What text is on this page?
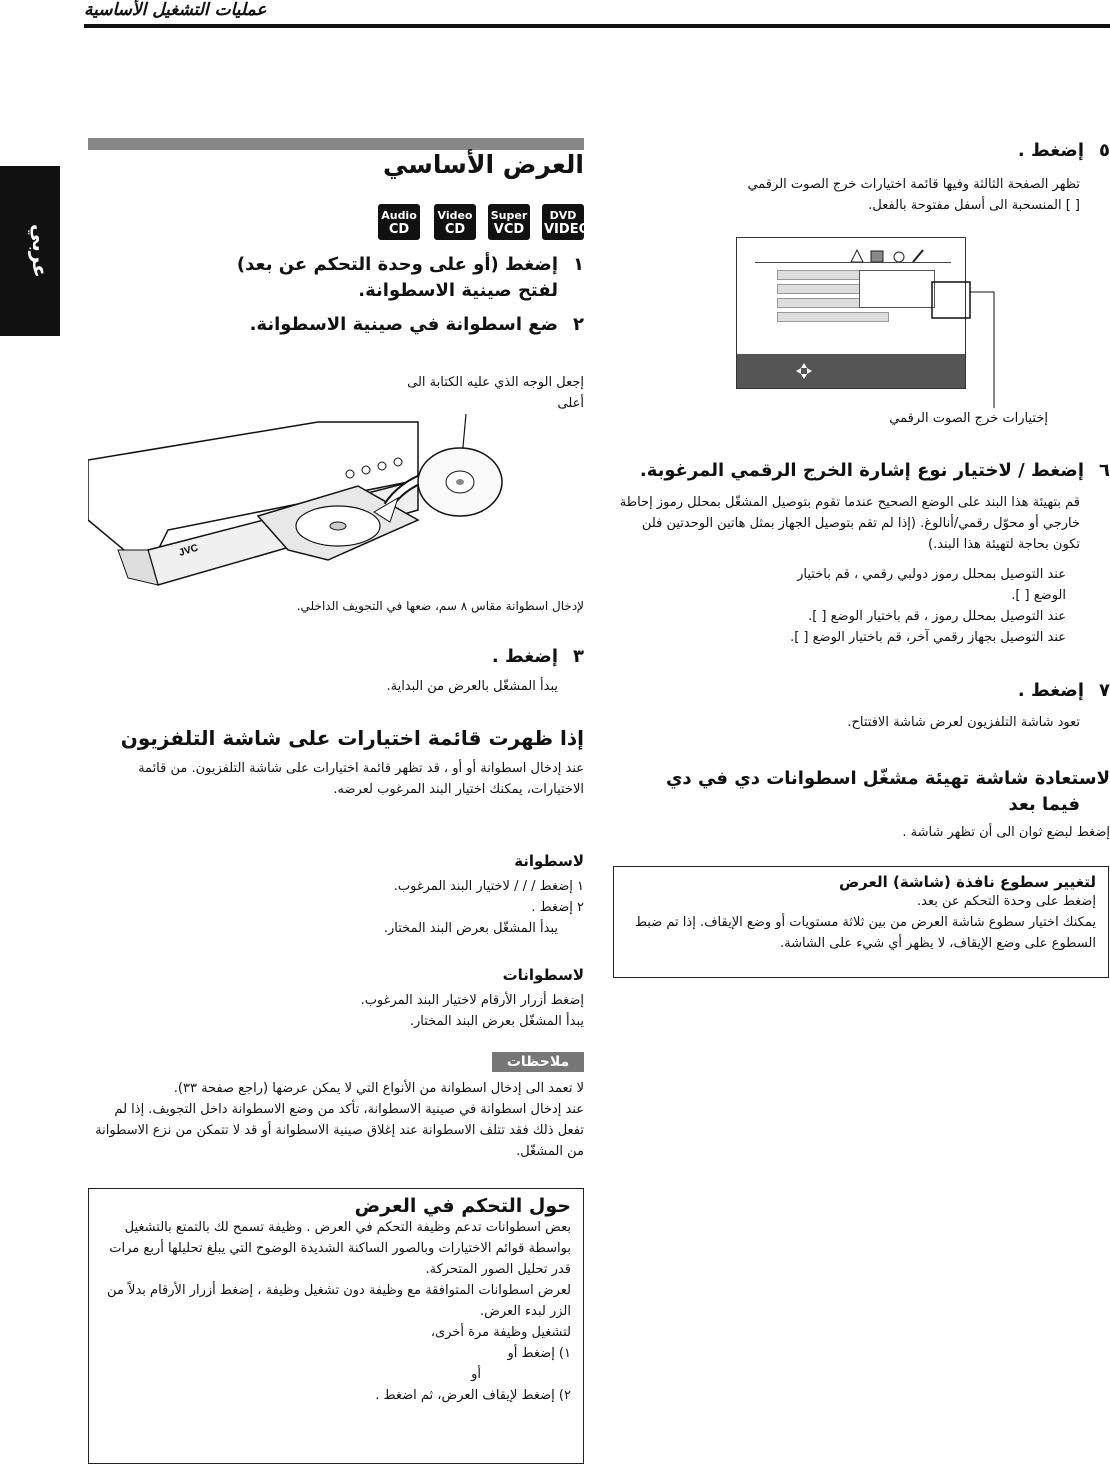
عمليات التشغيل الأساسية
عربي
العرض الأساسي
Audio
CD
Video
CD
Super
VCD
DVD
VIDEO
١إضغط (أو على وحدة التحكم عن بعد)
لفتح صينية الاسطوانة.
٢ضع اسطوانة في صينية الاسطوانة.
إجعل الوجه الذي عليه الكتابة الى
أعلى
JVC
لإدخال اسطوانة مقاس ٨ سم، ضعها في التجويف الداخلي.
٣إضغط .
يبدأ المشغّل بالعرض من البداية.
إذا ظهرت قائمة اختيارات على شاشة التلفزيون
عند إدخال اسطوانة أو أو ، قد تظهر قائمة اختيارات على شاشة التلفزيون. من قائمة الاختيارات، يمكنك اختيار البند المرغوب لعرضه.
لاسطوانة
١ إضغط / / / لاختيار البند المرغوب.
٢ إضغط .
يبدأ المشغّل بعرض البند المختار.
لاسطوانات
إضغط أزرار الأرقام لاختيار البند المرغوب.
يبدأ المشغّل بعرض البند المختار.
ملاحظات
لا تعمد الى إدخال اسطوانة من الأنواع التي لا يمكن عرضها (راجع صفحة ٣٣).
عند إدخال اسطوانة في صينية الاسطوانة، تأكد من وضع الاسطوانة داخل التجويف. إذا لم تفعل ذلك فقد تتلف الاسطوانة عند إغلاق صينية الاسطوانة أو قد لا تتمكن من نزع الاسطوانة من المشغّل.
حول التحكم في العرض
بعض اسطوانات تدعم وظيفة التحكم في العرض . وظيفة تسمح لك بالتمتع بالتشغيل بواسطة قوائم الاختيارات وبالصور الساكنة الشديدة الوضوح التي يبلغ تحليلها أربع مرات قدر تحليل الصور المتحركة.
لعرض اسطوانات المتوافقة مع وظيفة دون تشغيل وظيفة ، إضغط أزرار الأرقام بدلاً من الزر لبدء العرض.
لتشغيل وظيفة مرة أخرى،
١) إضغط أو
أو
٢) إضغط لإيقاف العرض، ثم اضغط .
٥إضغط .
تظهر الصفحة الثالثة وفيها قائمة اختيارات خرج الصوت الرقمي
[ ] المنسحبة الى أسفل مفتوحة بالفعل.
إختيارات خرج الصوت الرقمي
٦إضغط / لاختيار نوع إشارة الخرج الرقمي المرغوبة.
قم بتهيئة هذا البند على الوضع الصحيح عندما تقوم بتوصيل المشغّل بمحلل رموز إحاطة خارجي أو محوّل رقمي/أنالوغ. (إذا لم تقم بتوصيل الجهاز بمثل هاتين الوحدتين فلن تكون بحاجة لتهيئة هذا البند.)
عند التوصيل بمحلل رموز دولبي رقمي ، قم باختيار
الوضع [ ].
عند التوصيل بمحلل رموز ، قم باختيار الوضع [ ].
عند التوصيل بجهاز رقمي آخر، قم باختيار الوضع [ ].
٧إضغط .
تعود شاشة التلفزيون لعرض شاشة الافتتاح.
لاستعادة شاشة تهيئة مشغّل اسطوانات دي في دي
فيما بعد
إضغط لبضع ثوان الى أن تظهر شاشة .
لتغيير سطوع نافذة (شاشة) العرض
إضغط على وحدة التحكم عن بعد.
يمكنك اختيار سطوع شاشة العرض من بين ثلاثة مستويات أو وضع الإيقاف. إذا تم ضبط السطوع على وضع الإيقاف، لا يظهر أي شيء على الشاشة.
